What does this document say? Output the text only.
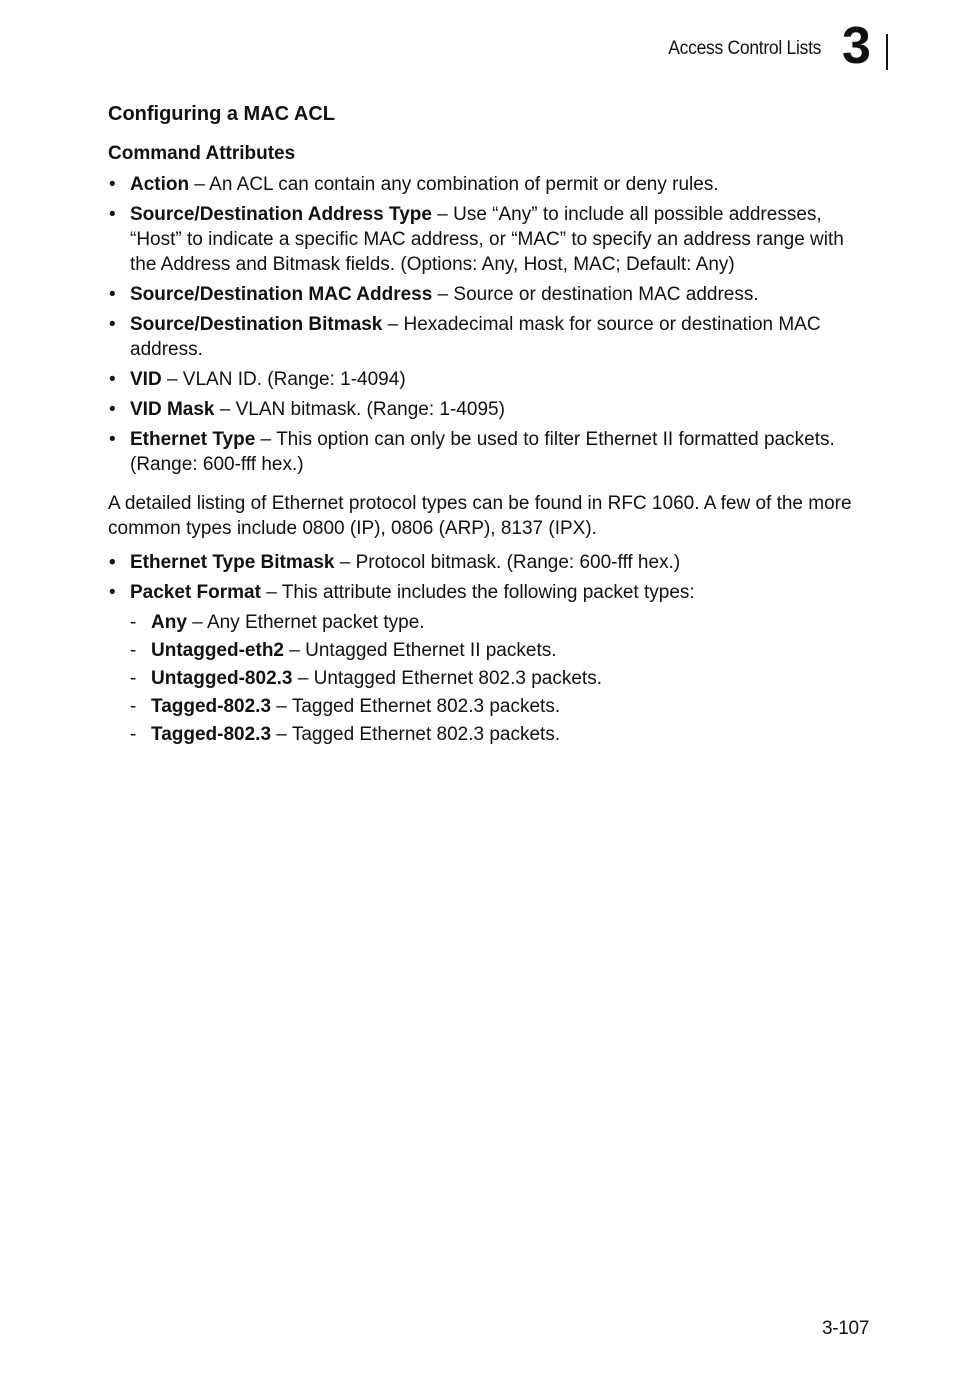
Access Control Lists 3
Configuring a MAC ACL
Command Attributes
• Action – An ACL can contain any combination of permit or deny rules.
• Source/Destination Address Type – Use “Any” to include all possible addresses, “Host” to indicate a specific MAC address, or “MAC” to specify an address range with the Address and Bitmask fields. (Options: Any, Host, MAC; Default: Any)
• Source/Destination MAC Address – Source or destination MAC address.
• Source/Destination Bitmask – Hexadecimal mask for source or destination MAC address.
• VID – VLAN ID. (Range: 1-4094)
• VID Mask – VLAN bitmask. (Range: 1-4095)
• Ethernet Type – This option can only be used to filter Ethernet II formatted packets. (Range: 600-fff hex.)

A detailed listing of Ethernet protocol types can be found in RFC 1060. A few of the more common types include 0800 (IP), 0806 (ARP), 8137 (IPX).

• Ethernet Type Bitmask – Protocol bitmask. (Range: 600-fff hex.)
• Packet Format – This attribute includes the following packet types:
- Any – Any Ethernet packet type.
- Untagged-eth2 – Untagged Ethernet II packets.
- Untagged-802.3 – Untagged Ethernet 802.3 packets.
- Tagged-802.3 – Tagged Ethernet 802.3 packets.
- Tagged-802.3 – Tagged Ethernet 802.3 packets.
3-107
